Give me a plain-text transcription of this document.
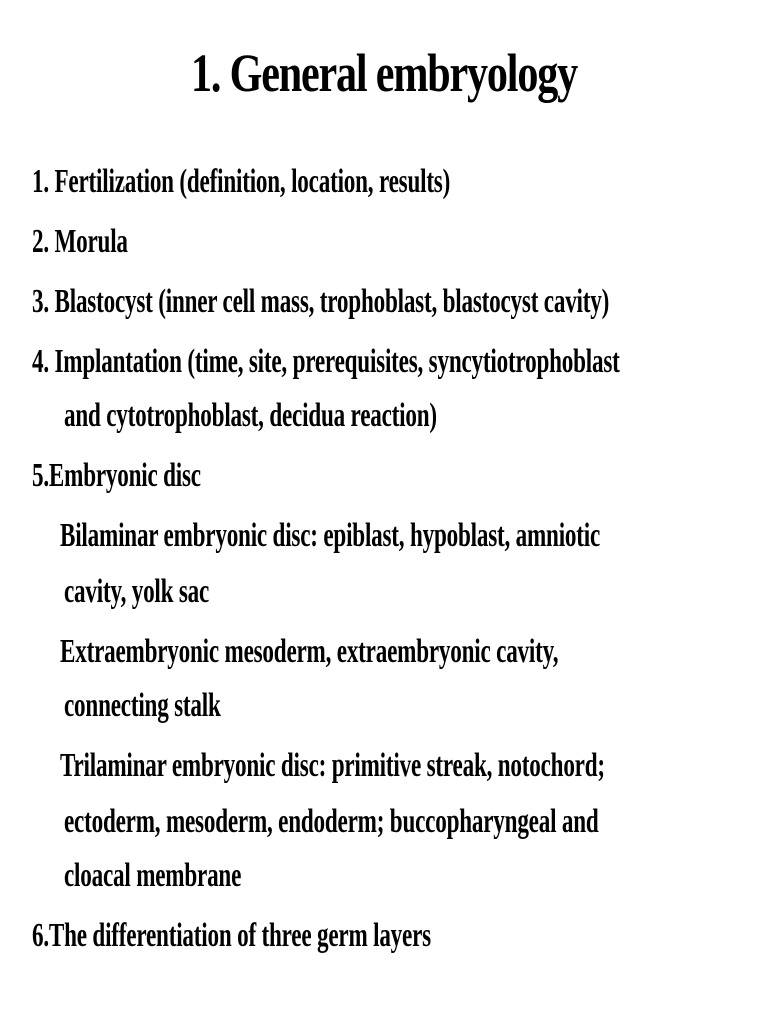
1. General embryology
1. Fertilization (definition, location, results)
2. Morula
3. Blastocyst (inner cell mass, trophoblast, blastocyst cavity)
4. Implantation (time, site, prerequisites, syncytiotrophoblast
and cytotrophoblast, decidua reaction)
5.Embryonic disc
Bilaminar embryonic disc: epiblast, hypoblast, amniotic
cavity, yolk sac
Extraembryonic mesoderm, extraembryonic cavity,
connecting stalk
Trilaminar embryonic disc: primitive streak, notochord;
ectoderm, mesoderm, endoderm; buccopharyngeal and
cloacal membrane
6.The differentiation of three germ layers
